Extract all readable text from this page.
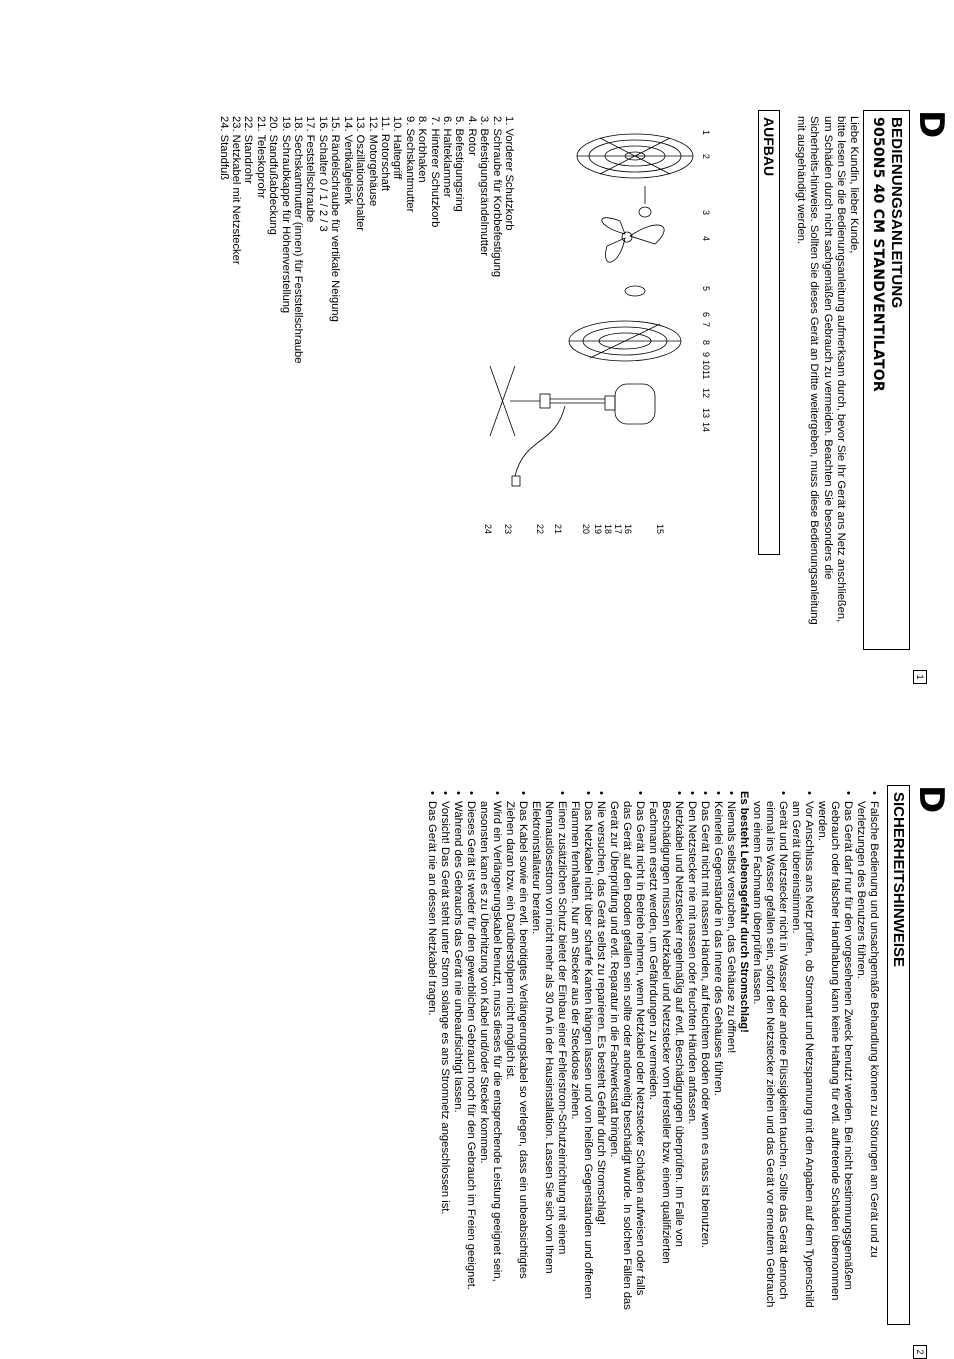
D
BEDIENUNGSANLEITUNG
9050N5 40 CM STANDVENTILATOR

Liebe Kundin, lieber Kunde,
bitte lesen Sie die Bedienungsanleitung aufmerksam durch, bevor Sie Ihr Gerät ans Netz anschließen, um Schäden durch nicht sachgemäßen Gebrauch zu vermeiden. Beachten Sie besonders die Sicherheits-hinweise. Sollten Sie dieses Gerät an Dritte weitergeben, muss diese Bedienungsanleitung mit ausgehändigt werden.

AUFBAU
1
2
3
4
5
6
7
8
9
10
11
12
13
14
15
16
17
18
19
20
21
22
23
24
1. Vorderer Schutzkorb
2. Schraube für Korbbefestigung
3. Befestigungsrändelmutter
4. Rotor
5. Befestigungsring
6. Halteklammer
7. Hinterer Schutzkorb
8. Korbhaken
9. Sechskantmutter
10. Haltegriff
11. Rotorschaft
12. Motorgehäuse
13. Oszillationsschalter
14. Vertikalgelenk
15. Rändelschraube für vertikale Neigung
16. Schalter 0 / 1 / 2 / 3
17. Feststellschraube
18. Sechskantmutter (innen) für Feststellschraube
19. Schraubkappe für Höhenverstellung
20. Standfußabdeckung
21. Teleskoprohr
22. Standrohr
23. Netzkabel mit Netzstecker
24. Standfuß
1
D
SICHERHEITSHINWEISE
• Falsche Bedienung und unsachgemäße Behandlung können zu Störungen am Gerät und zu Verletzungen des Benutzers führen.
• Das Gerät darf nur für den vorgesehenen Zweck benutzt werden. Bei nicht bestimmungsgemäßem Gebrauch oder falscher Handhabung kann keine Haftung für evtl. auftretende Schäden übernommen werden.
• Vor Anschluss ans Netz prüfen, ob Stromart und Netzspannung mit den Angaben auf dem Typenschild am Gerät übereinstimmen.
• Gerät und Netzstecker nicht in Wasser oder andere Flüssigkeiten tauchen. Sollte das Gerät dennoch einmal ins Wasser gefallen sein, sofort den Netzstecker ziehen und das Gerät vor erneutem Gebrauch von einem Fachmann überprüfen lassen.
Es besteht Lebensgefahr durch Stromschlag!
• Niemals selbst versuchen, das Gehäuse zu öffnen!
• Keinerlei Gegenstände in das Innere des Gehäuses führen.
• Das Gerät nicht mit nassen Händen, auf feuchtem Boden oder wenn es nass ist benutzen.
• Den Netzstecker nie mit nassen oder feuchten Händen anfassen.
• Netzkabel und Netzstecker regelmäßig auf evtl. Beschädigungen überprüfen. Im Falle von Beschädigungen müssen Netzkabel und Netzstecker vom Hersteller bzw. einem qualifizierten Fachmann ersetzt werden, um Gefährdungen zu vermeiden.
• Das Gerät nicht in Betrieb nehmen, wenn Netzkabel oder Netzstecker Schäden aufweisen oder falls das Gerät auf den Boden gefallen sein sollte oder anderweitig beschädigt wurde. In solchen Fällen das Gerät zur Überprüfung und evtl. Reparatur in die Fachwerkstatt bringen.
• Nie versuchen, das Gerät selbst zu reparieren. Es besteht Gefahr durch Stromschlag!
• Das Netzkabel nicht über scharfe Kanten hängen lassen und von heißen Gegenständen und offenen Flammen fernhalten. Nur am Stecker aus der Steckdose ziehen.
• Einen zusätzlichen Schutz bietet der Einbau einer Fehlerstrom-Schutzeinrichtung mit einem Nennauslösestrom von nicht mehr als 30 mA in der Hausinstallation. Lassen Sie sich von Ihrem Elektroinstallateur beraten.
• Das Kabel sowie ein evtl. benötigtes Verlängerungskabel so verlegen, dass ein unbeabsichtigtes Ziehen daran bzw. ein Darüberstolpern nicht möglich ist.
• Wird ein Verlängerungskabel benutzt, muss dieses für die entsprechende Leistung geeignet sein, ansonsten kann es zu Überhitzung von Kabel und/oder Stecker kommen.
• Dieses Gerät ist weder für den gewerblichen Gebrauch noch für den Gebrauch im Freien geeignet.
• Während des Gebrauchs das Gerät nie unbeaufsichtigt lassen.
• Vorsicht! Das Gerät steht unter Strom solange es ans Stromnetz angeschlossen ist.
• Das Gerät nie an dessen Netzkabel tragen.
2
